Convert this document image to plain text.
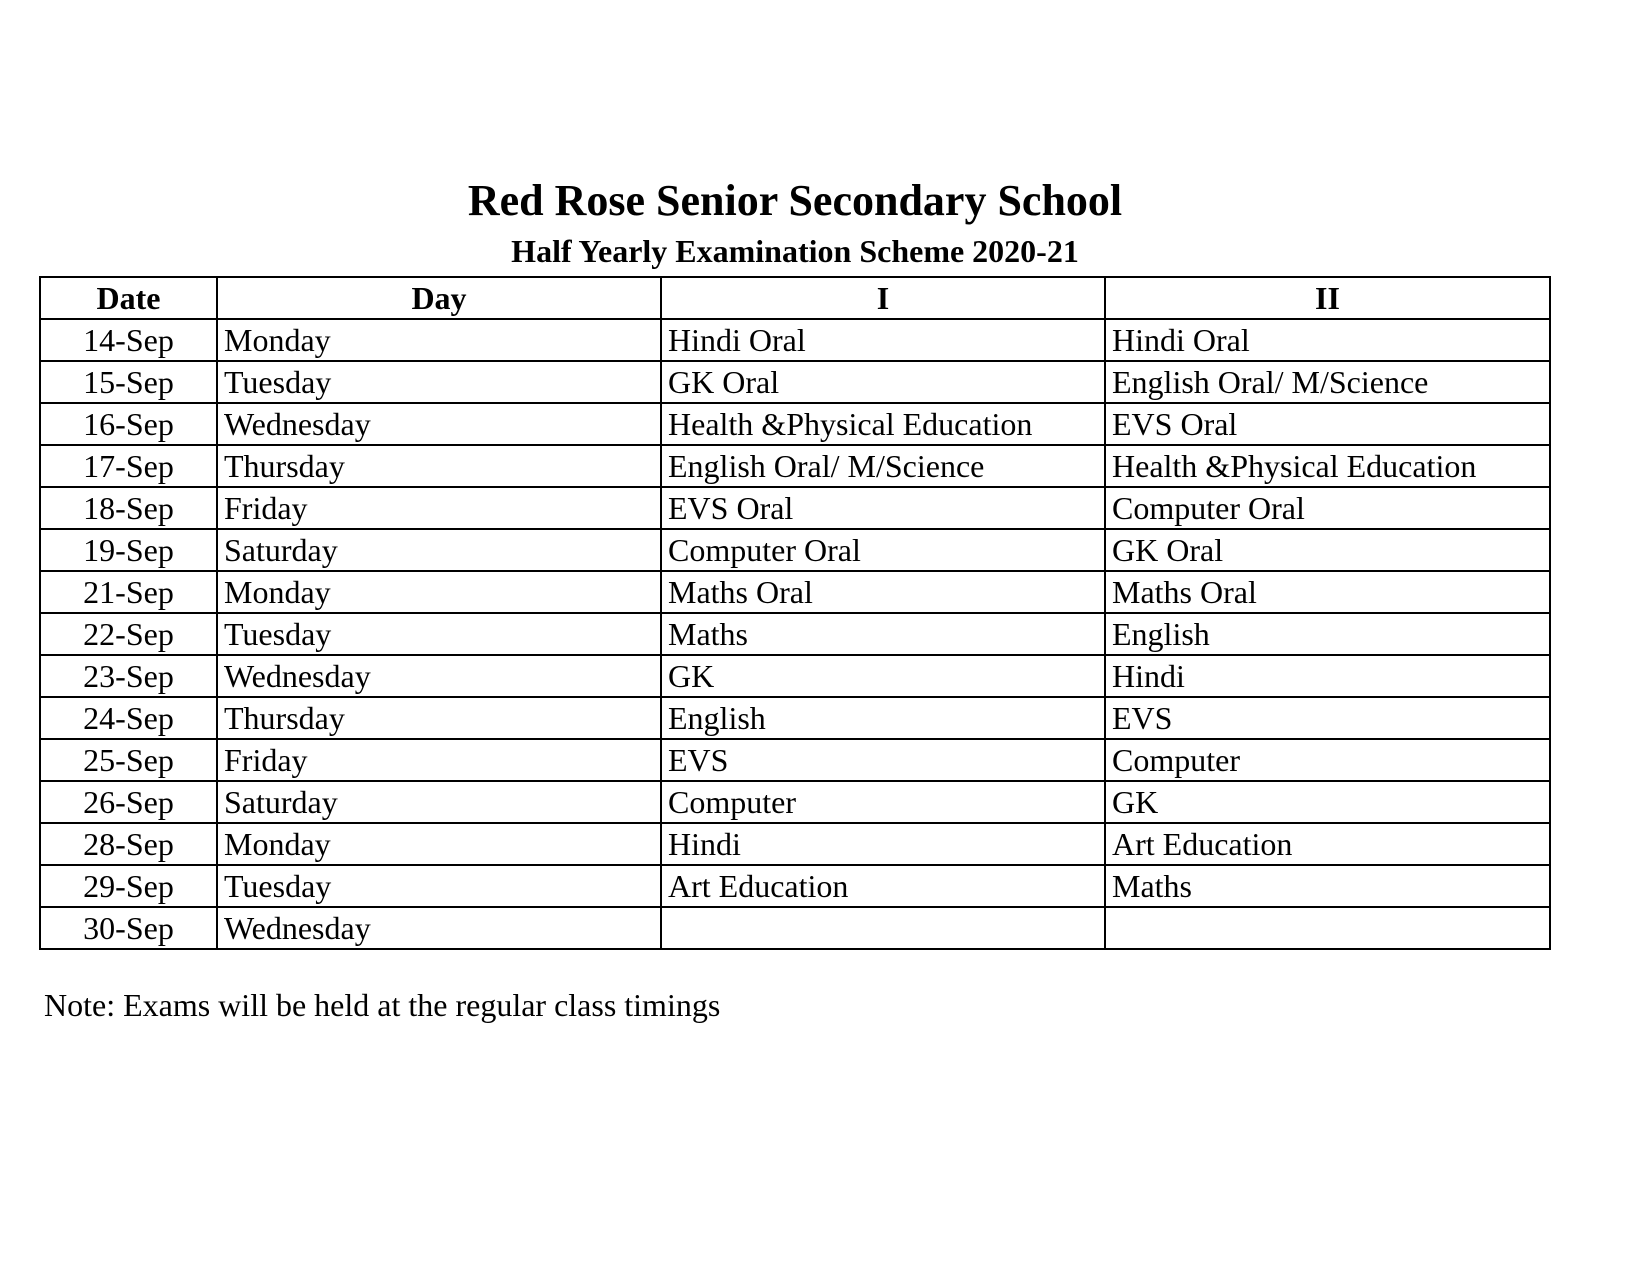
Red Rose Senior Secondary School
Half Yearly Examination Scheme 2020-21
Date	Day	I	II
14-Sep	Monday	Hindi Oral	Hindi Oral
15-Sep	Tuesday	GK Oral	English Oral/ M/Science
16-Sep	Wednesday	Health &Physical Education	EVS Oral
17-Sep	Thursday	English Oral/ M/Science	Health &Physical Education
18-Sep	Friday	EVS Oral	Computer Oral
19-Sep	Saturday	Computer Oral	GK Oral
21-Sep	Monday	Maths Oral	Maths Oral
22-Sep	Tuesday	Maths	English
23-Sep	Wednesday	GK	Hindi
24-Sep	Thursday	English	EVS
25-Sep	Friday	EVS	Computer
26-Sep	Saturday	Computer	GK
28-Sep	Monday	Hindi	Art Education
29-Sep	Tuesday	Art Education	Maths
30-Sep	Wednesday		
Note: Exams will be held at the regular class timings
